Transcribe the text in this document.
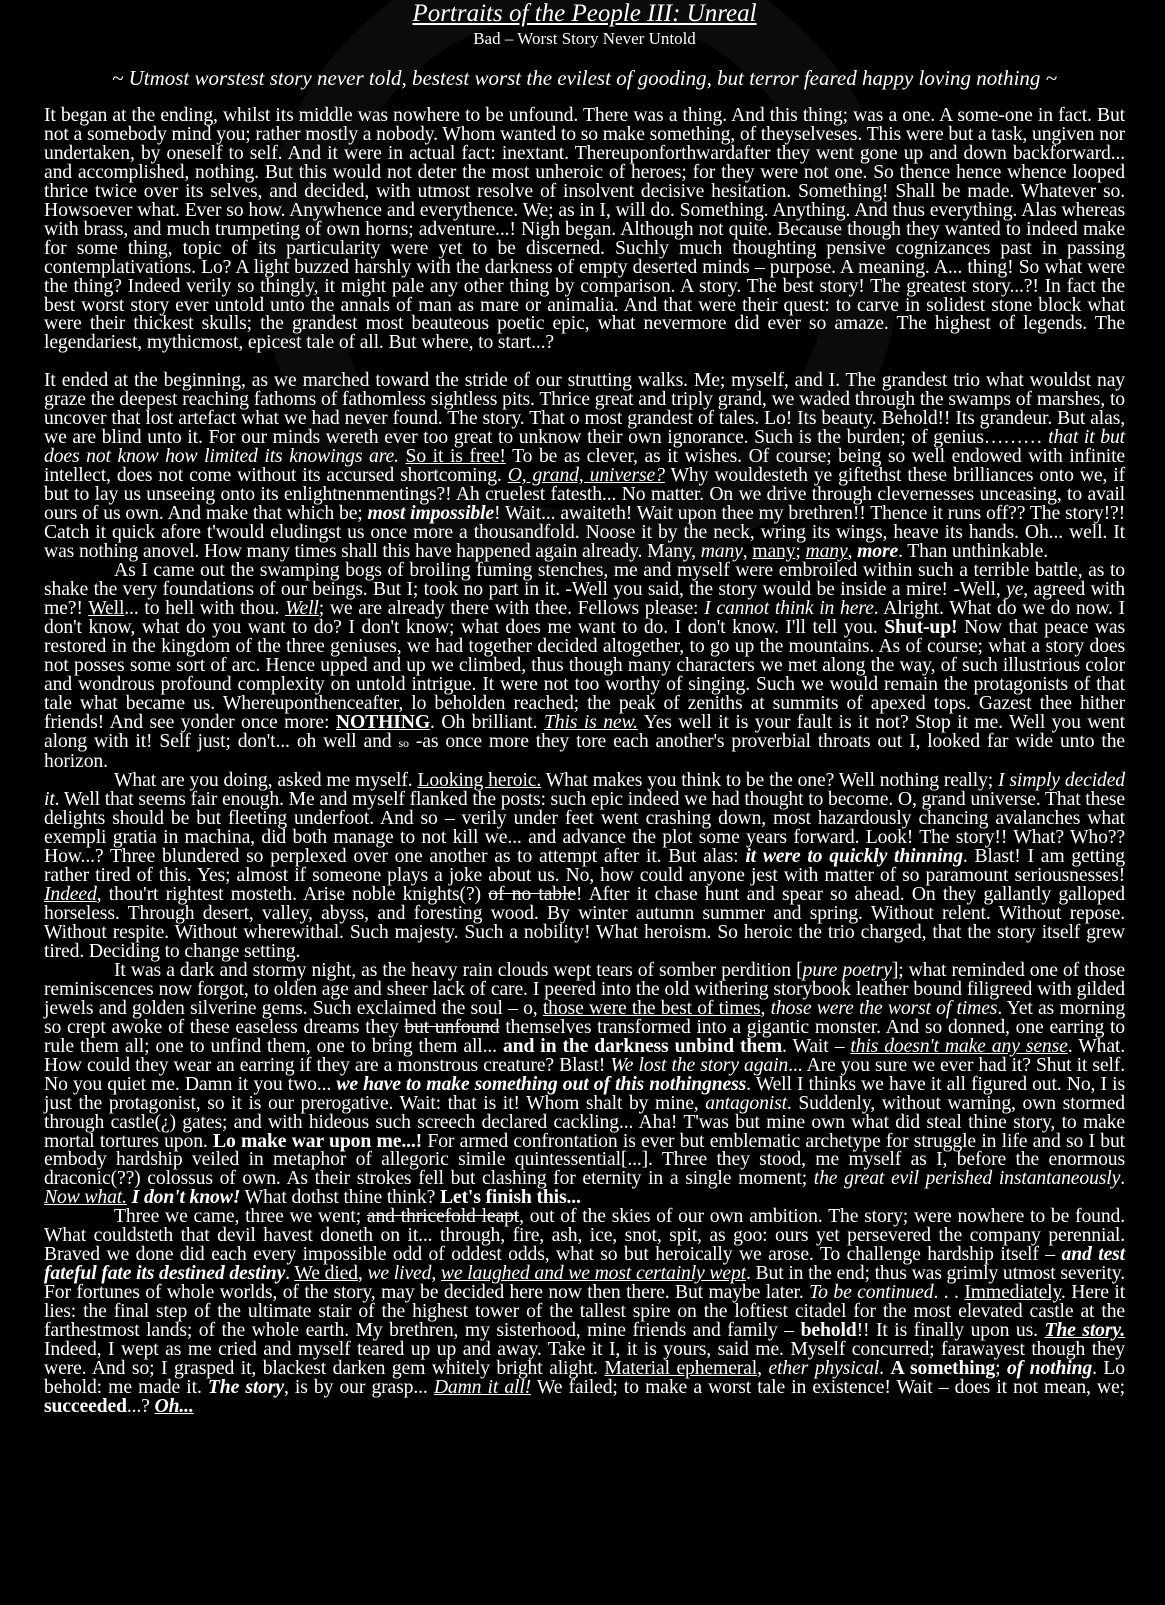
Portraits of the People III: Unreal
Bad – Worst Story Never Untold
~ Utmost worstest story never told, bestest worst the evilest of gooding, but terror feared happy loving nothing ~

It began at the ending, whilst its middle was nowhere to be unfound. There was a thing. And this thing; was a one. A some-one in fact. But not a somebody mind you; rather mostly a nobody. Whom wanted to so make something, of theyselveses. This were but a task, ungiven nor undertaken, by oneself to self. And it were in actual fact: inextant. Thereuponforthwardafter they went gone up and down backforward... and accomplished, nothing. But this would not deter the most unheroic of heroes; for they were not one. So thence hence whence looped thrice twice over its selves, and decided, with utmost resolve of insolvent decisive hesitation. Something! Shall be made. Whatever so. Howsoever what. Ever so how. Anywhence and everythence. We; as in I, will do. Something. Anything. And thus everything. Alas whereas with brass, and much trumpeting of own horns; adventure...! Nigh began. Although not quite. Because though they wanted to indeed make for some thing, topic of its particularity were yet to be discerned. Suchly much thoughting pensive cognizances past in passing contemplativations. Lo? A light buzzed harshly with the darkness of empty deserted minds – purpose. A meaning. A... thing! So what were the thing? Indeed verily so thingly, it might pale any other thing by comparison. A story. The best story! The greatest story...?! In fact the best worst story ever untold unto the annals of man as mare or animalia. And that were their quest: to carve in solidest stone block what were their thickest skulls; the grandest most beauteous poetic epic, what nevermore did ever so amaze. The highest of legends. The legendariest, mythicmost, epicest tale of all. But where, to start...?

It ended at the beginning, as we marched toward the stride of our strutting walks. Me; myself, and I. The grandest trio what wouldst nay graze the deepest reaching fathoms of fathomless sightless pits. Thrice great and triply grand, we waded through the swamps of marshes, to uncover that lost artefact what we had never found. The story. That o most grandest of tales. Lo! Its beauty. Behold!! Its grandeur. But alas, we are blind unto it. For our minds wereth ever too great to unknow their own ignorance. Such is the burden; of genius……… that it but does not know how limited its knowings are. So it is free! To be as clever, as it wishes. Of course; being so well endowed with infinite intellect, does not come without its accursed shortcoming. O, grand, universe? Why wouldesteth ye giftethst these brilliances onto we, if but to lay us unseeing onto its enlightnenmentings?! Ah cruelest fatesth... No matter. On we drive through clevernesses unceasing, to avail ours of us own. And make that which be; most impossible! Wait... awaiteth! Wait upon thee my brethren!! Thence it runs off?? The story!?! Catch it quick afore t'would eludingst us once more a thousandfold. Noose it by the neck, wring its wings, heave its hands. Oh... well. It was nothing anovel. How many times shall this have happened again already. Many, many, many; many, more. Than unthinkable.

As I came out the swamping bogs of broiling fuming stenches, me and myself were embroiled within such a terrible battle, as to shake the very foundations of our beings. But I; took no part in it. -Well you said, the story would be inside a mire! -Well, ye, agreed with me?! Well... to hell with thou. Well; we are already there with thee. Fellows please: I cannot think in here. Alright. What do we do now. I don't know, what do you want to do? I don't know; what does me want to do. I don't know. I'll tell you. Shut-up! Now that peace was restored in the kingdom of the three geniuses, we had together decided altogether, to go up the mountains. As of course; what a story does not posses some sort of arc. Hence upped and up we climbed, thus though many characters we met along the way, of such illustrious color and wondrous profound complexity on untold intrigue. It were not too worthy of singing. Such we would remain the protagonists of that tale what became us. Whereuponthenceafter, lo beholden reached; the peak of zeniths at summits of apexed tops. Gazest thee hither friends! And see yonder once more: NOTHING. Oh brilliant. This is new. Yes well it is your fault is it not? Stop it me. Well you went along with it! Self just; don't... oh well and so -as once more they tore each another's proverbial throats out I, looked far wide unto the horizon.

What are you doing, asked me myself. Looking heroic. What makes you think to be the one? Well nothing really; I simply decided it. Well that seems fair enough. Me and myself flanked the posts: such epic indeed we had thought to become. O, grand universe. That these delights should be but fleeting underfoot. And so – verily under feet went crashing down, most hazardously chancing avalanches what exempli gratia in machina, did both manage to not kill we... and advance the plot some years forward. Look! The story!! What? Who?? How...? Three blundered so perplexed over one another as to attempt after it. But alas: it were to quickly thinning. Blast! I am getting rather tired of this. Yes; almost if someone plays a joke about us. No, how could anyone jest with matter of so paramount seriousnesses! Indeed, thou'rt rightest mosteth. Arise noble knights(?) of no table! After it chase hunt and spear so ahead. On they gallantly galloped horseless. Through desert, valley, abyss, and foresting wood. By winter autumn summer and spring. Without relent. Without repose. Without respite. Without wherewithal. Such majesty. Such a nobility! What heroism. So heroic the trio charged, that the story itself grew tired. Deciding to change setting.

It was a dark and stormy night, as the heavy rain clouds wept tears of somber perdition [pure poetry]; what reminded one of those reminiscences now forgot, to olden age and sheer lack of care. I peered into the old withering storybook leather bound filigreed with gilded jewels and golden silverine gems. Such exclaimed the soul – o, those were the best of times, those were the worst of times. Yet as morning so crept awoke of these easeless dreams they but unfound themselves transformed into a gigantic monster. And so donned, one earring to rule them all; one to unfind them, one to bring them all... and in the darkness unbind them. Wait – this doesn't make any sense. What. How could they wear an earring if they are a monstrous creature? Blast! We lost the story again... Are you sure we ever had it? Shut it self. No you quiet me. Damn it you two... we have to make something out of this nothingness. Well I thinks we have it all figured out. No, I is just the protagonist, so it is our prerogative. Wait: that is it! Whom shalt by mine, antagonist. Suddenly, without warning, own stormed through castle(¿) gates; and with hideous such screech declared cackling... Aha! T'was but mine own what did steal thine story, to make mortal tortures upon. Lo make war upon me...! For armed confrontation is ever but emblematic archetype for struggle in life and so I but embody hardship veiled in metaphor of allegoric simile quintessential[...]. Three they stood, me myself as I, before the enormous draconic(??) colossus of own. As their strokes fell but clashing for eternity in a single moment; the great evil perished instantaneously. Now what. I don't know! What dothst thine think? Let's finish this...

Three we came, three we went; and thricefold leapt, out of the skies of our own ambition. The story; were nowhere to be found. What couldsteth that devil havest doneth on it... through, fire, ash, ice, snot, spit, as goo: ours yet persevered the company perennial. Braved we done did each every impossible odd of oddest odds, what so but heroically we arose. To challenge hardship itself – and test fateful fate its destined destiny. We died, we lived, we laughed and we most certainly wept. But in the end; thus was grimly utmost severity. For fortunes of whole worlds, of the story, may be decided here now then there. But maybe later. To be continued. . . Immediately. Here it lies: the final step of the ultimate stair of the highest tower of the tallest spire on the loftiest citadel for the most elevated castle at the farthestmost lands; of the whole earth. My brethren, my sisterhood, mine friends and family – behold!! It is finally upon us. The story. Indeed, I wept as me cried and myself teared up up and away. Take it I, it is yours, said me. Myself concurred; farawayest though they were. And so; I grasped it, blackest darken gem whitely bright alight. Material ephemeral, ether physical. A something; of nothing. Lo behold: me made it. The story, is by our grasp... Damn it all! We failed; to make a worst tale in existence! Wait – does it not mean, we; succeeded...? Oh...
